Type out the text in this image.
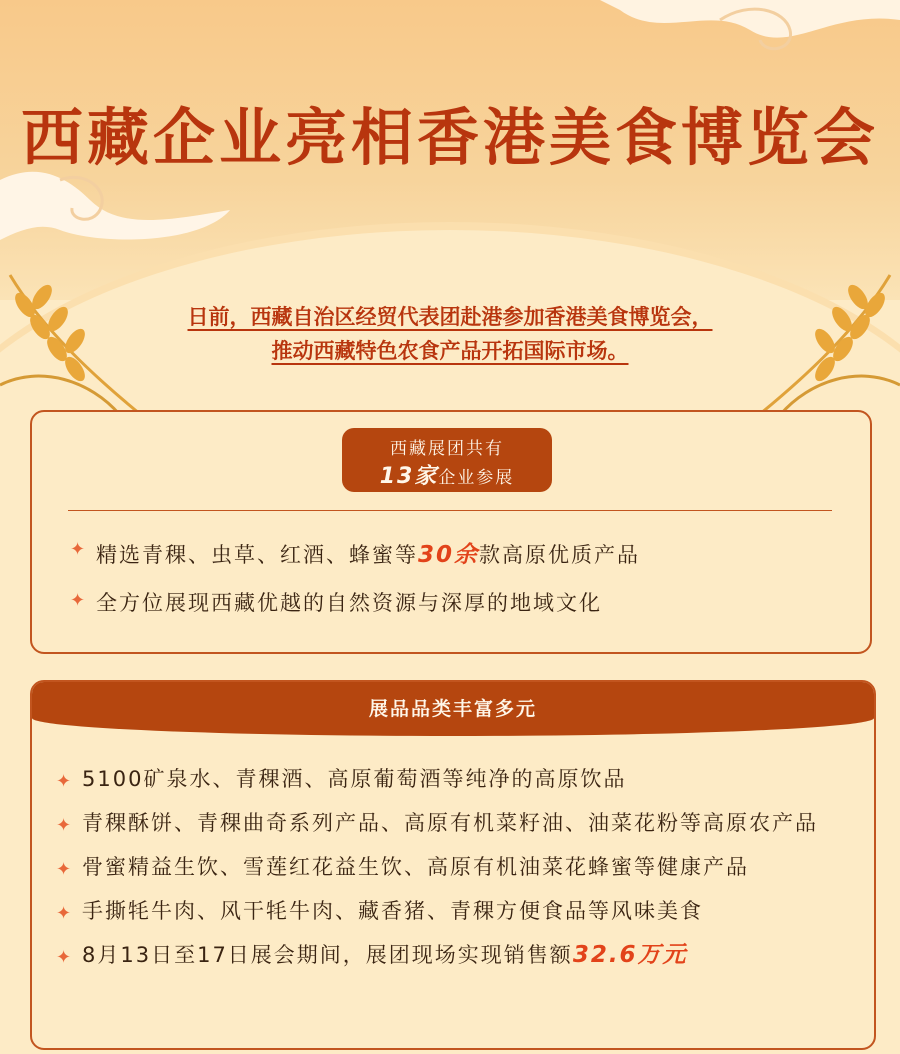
西藏企业亮相香港美食博览会
日前，西藏自治区经贸代表团赴港参加香港美食博览会，
推动西藏特色农食产品开拓国际市场。
西藏展团共有
13家企业参展
✦ 精选青稞、虫草、红酒、蜂蜜等30余款高原优质产品
✦ 全方位展现西藏优越的自然资源与深厚的地域文化
展品品类丰富多元
✦ 5100矿泉水、青稞酒、高原葡萄酒等纯净的高原饮品
✦ 青稞酥饼、青稞曲奇系列产品、高原有机菜籽油、油菜花粉等高原农产品
✦ 骨蜜精益生饮、雪莲红花益生饮、高原有机油菜花蜂蜜等健康产品
✦ 手撕牦牛肉、风干牦牛肉、藏香猪、青稞方便食品等风味美食
✦ 8月13日至17日展会期间，展团现场实现销售额32.6万元
